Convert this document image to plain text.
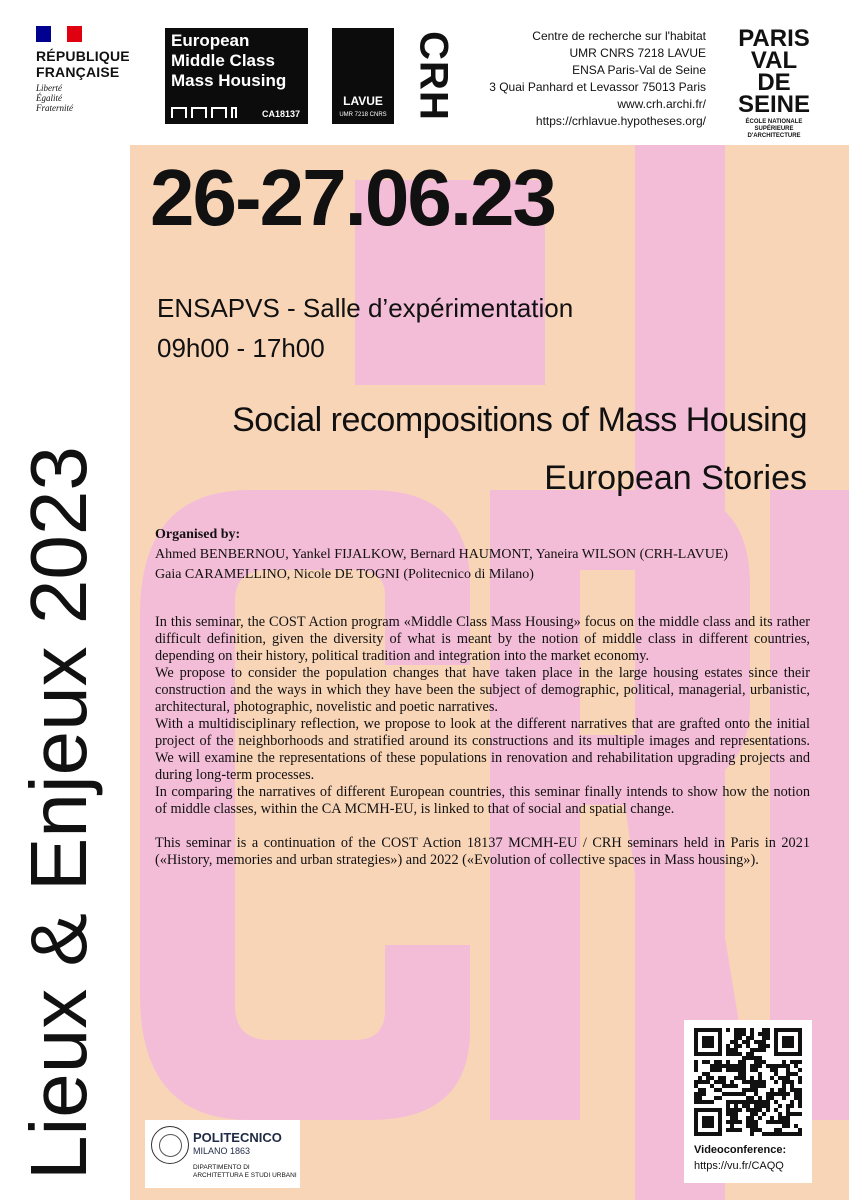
RÉPUBLIQUE
FRANÇAISE
Liberté
Égalité
Fraternité
European
Middle Class
Mass Housing
CA18137
LAVUE
UMR 7218 CNRS CRH	Centre de recherche sur l'habitat
UMR CNRS 7218 LAVUE
ENSA Paris-Val de Seine
3 Quai Panhard et Levassor 75013 Paris
www.crh.archi.fr/
https://crhlavue.hypotheses.org/
PARIS
VAL DE
SEINE
ÉCOLE NATIONALE SUPÉRIEURE D'ARCHITECTURE
26-27.06.23
ENSAPVS - Salle d’expérimentation
09h00 - 17h00
Social recompositions of Mass Housing
European Stories
Organised by:
Ahmed BENBERNOU, Yankel FIJALKOW, Bernard HAUMONT, Yaneira WILSON (CRH-LAVUE)
Gaia CARAMELLINO, Nicole DE TOGNI (Politecnico di Milano)

In this seminar, the COST Action program «Middle Class Mass Housing» focus on the middle class and its rather difficult definition, given the diversity of what is meant by the notion of middle class in different countries, depending on their history, political tradition and integration into the market economy.

We propose to consider the population changes that have taken place in the large housing estates since their construction and the ways in which they have been the subject of demographic, political, managerial, urbanistic, architectural, photographic, novelistic and poetic narratives.

With a multidisciplinary reflection, we propose to look at the different narratives that are grafted onto the initial project of the neighborhoods and stratified around its constructions and its multiple images and representations. We will examine the representations of these populations in renovation and rehabilitation upgrading projects and during long-term processes.

In comparing the narratives of different European countries, this seminar finally intends to show how the notion of middle classes, within the CA MCMH-EU, is linked to that of social and spatial change.

This seminar is a continuation of the COST Action 18137 MCMH-EU / CRH seminars held in Paris in 2021 («History, memories and urban strategies») and 2022 («Evolution of collective spaces in Mass housing»).

Lieux & Enjeux 2023	POLITECNICO
MILANO 1863
DIPARTIMENTO DI ARCHITETTURA E STUDI URBANI
Videoconference:
https://vu.fr/CAQQ
